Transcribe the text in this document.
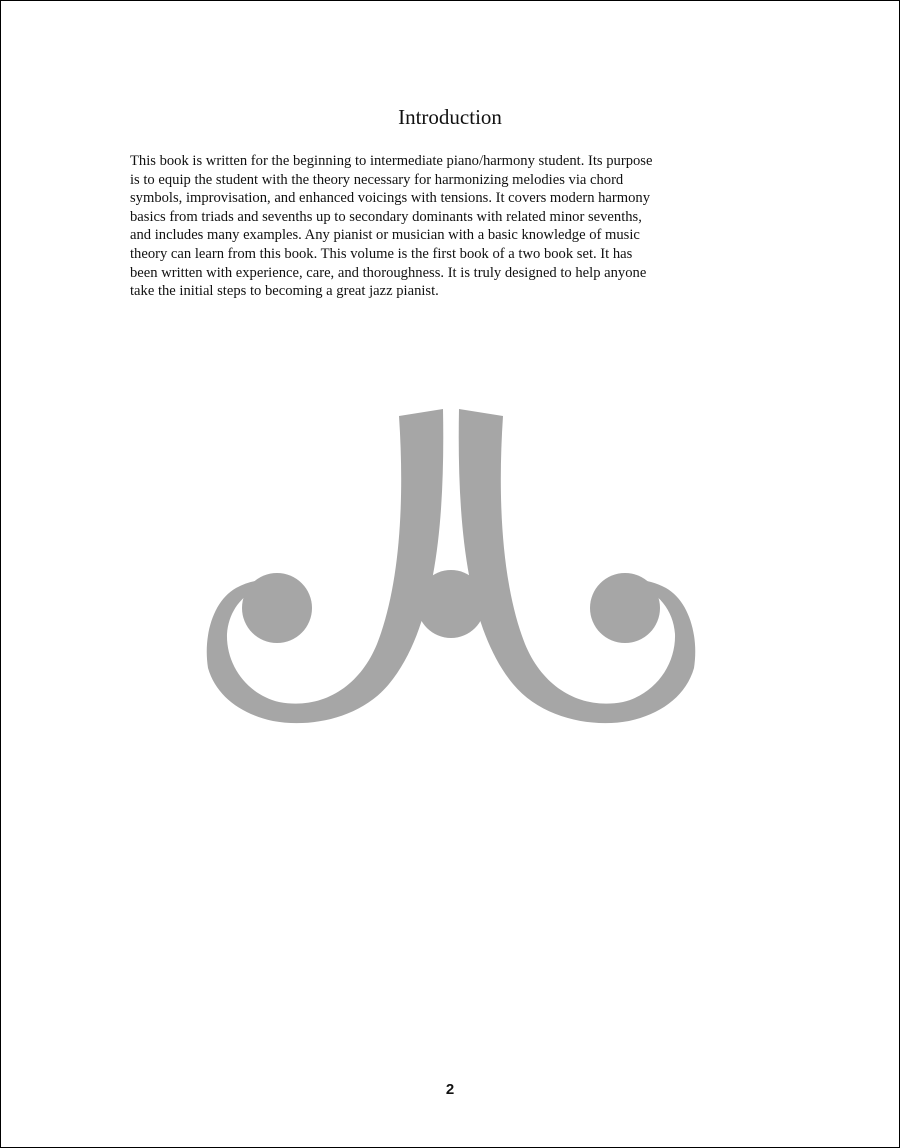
Introduction
This book is written for the beginning to intermediate piano/harmony student. Its purpose
is to equip the student with the theory necessary for harmonizing melodies via chord
symbols, improvisation, and enhanced voicings with tensions. It covers modern harmony
basics from triads and sevenths up to secondary dominants with related minor sevenths,
and includes many examples. Any pianist or musician with a basic knowledge of music
theory can learn from this book. This volume is the first book of a two book set. It has
been written with experience, care, and thoroughness. It is truly designed to help anyone
take the initial steps to becoming a great jazz pianist.
2
